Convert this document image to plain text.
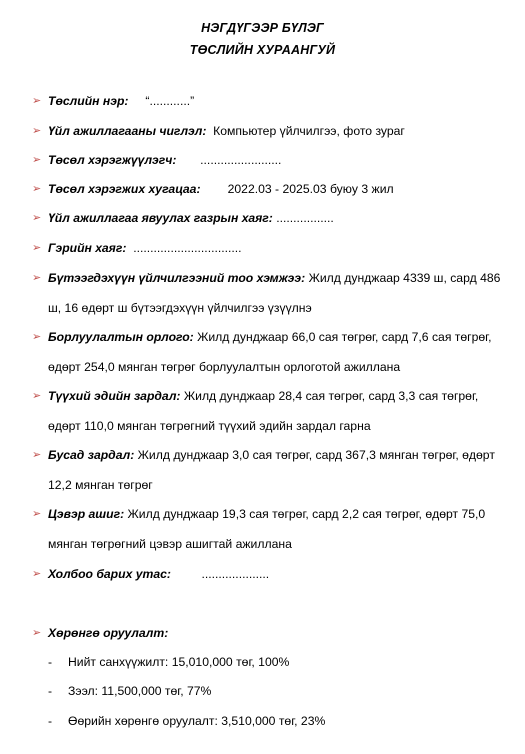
НЭГДҮГЭЭР БҮЛЭГ
ТӨСЛИЙН ХУРААНГУЙ
➢ Төслийн нэр:     “............”
➢ Үйл ажиллагааны чиглэл:  Компьютер үйлчилгээ, фото зураг
➢ Төсөл хэрэгжүүлэгч:       ........................
➢ Төсөл хэрэгжих хугацаа:        2022.03 - 2025.03 буюу 3 жил
➢ Үйл ажиллагаа явуулах газрын хаяг: .................
➢ Гэрийн хаяг:  ................................
➢ Бүтээгдэхүүн үйлчилгээний тоо хэмжээ: Жилд дунджаар 4339 ш, сард 486 ш, 16 өдөрт ш бүтээгдэхүүн үйлчилгээ үзүүлнэ
➢ Борлуулалтын орлого: Жилд дунджаар 66,0 сая төгрөг, сард 7,6 сая төгрөг, өдөрт 254,0 мянган төгрөг борлуулалтын орлоготой ажиллана
➢ Түүхий эдийн зардал: Жилд дунджаар 28,4 сая төгрөг, сард 3,3 сая төгрөг, өдөрт 110,0 мянган төгрөгний түүхий эдийн зардал гарна
➢ Бусад зардал: Жилд дунджаар 3,0 сая төгрөг, сард 367,3 мянган төгрөг, өдөрт 12,2 мянган төгрөг
➢ Цэвэр ашиг: Жилд дунджаар 19,3 сая төгрөг, сард 2,2 сая төгрөг, өдөрт 75,0 мянган төгрөгний цэвэр ашигтай ажиллана
➢ Холбоо барих утас:         ....................
➢ Хөрөнгө оруулалт:
- Нийт санхүүжилт: 15,010,000 төг, 100%
- Зээл: 11,500,000 төг, 77%
- Өөрийн хөрөнгө оруулалт: 3,510,000 төг, 23%
